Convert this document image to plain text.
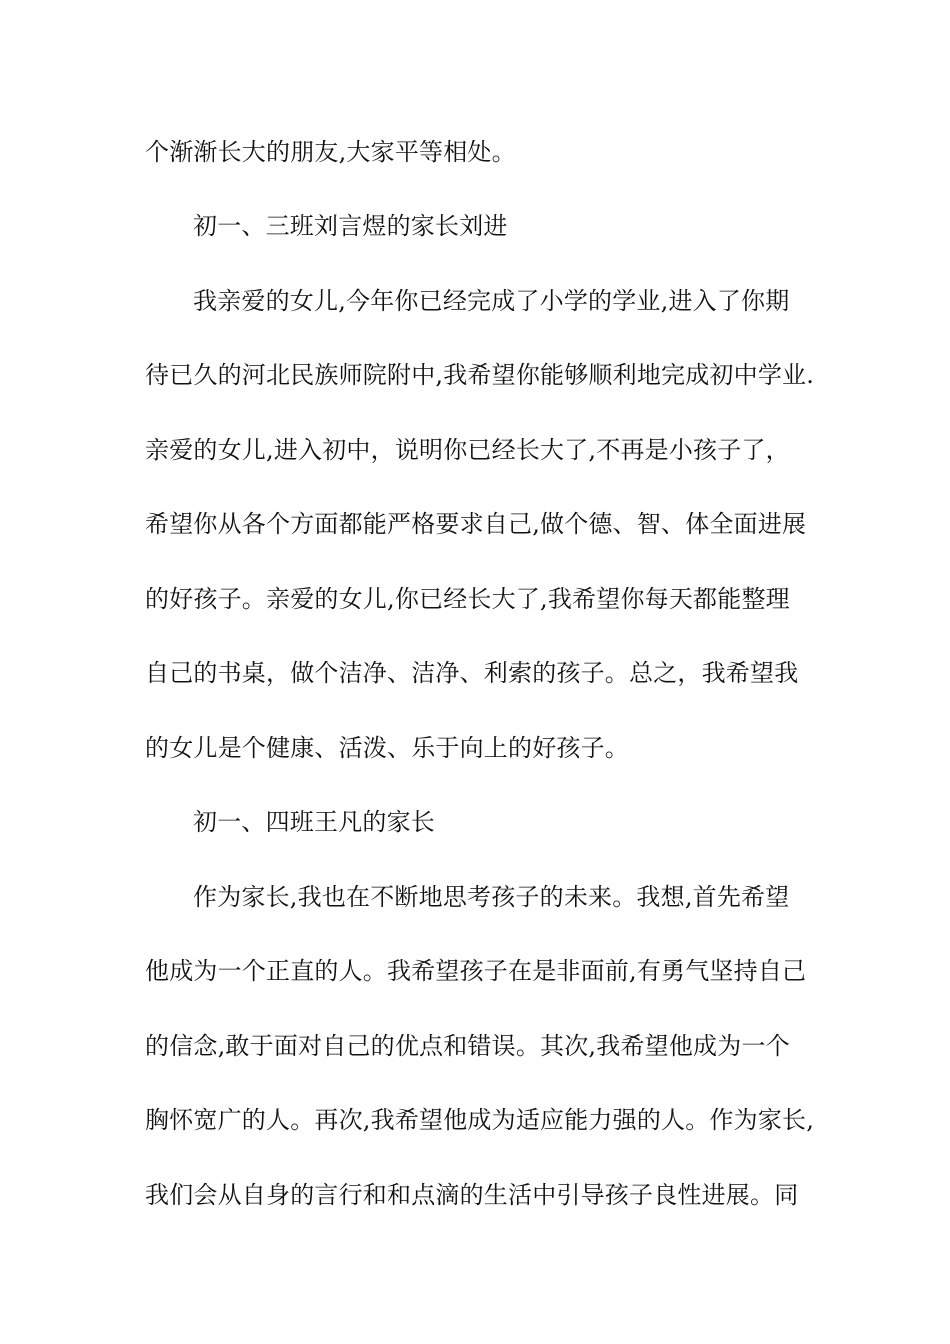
个渐渐长大的朋友,大家平等相处。
初一、三班刘言煜的家长刘进
我亲爱的女儿,今年你已经完成了小学的学业,进入了你期
待已久的河北民族师院附中,我希望你能够顺利地完成初中学业.
亲爱的女儿,进入初中，说明你已经长大了,不再是小孩子了，
希望你从各个方面都能严格要求自己,做个德、智、体全面进展
的好孩子。亲爱的女儿,你已经长大了,我希望你每天都能整理
自己的书桌，做个洁净、洁净、利索的孩子。总之，我希望我
的女儿是个健康、活泼、乐于向上的好孩子。
初一、四班王凡的家长
作为家长,我也在不断地思考孩子的未来。我想,首先希望
他成为一个正直的人。我希望孩子在是非面前,有勇气坚持自己
的信念,敢于面对自己的优点和错误。其次,我希望他成为一个
胸怀宽广的人。再次,我希望他成为适应能力强的人。作为家长,
我们会从自身的言行和和点滴的生活中引导孩子良性进展。同
